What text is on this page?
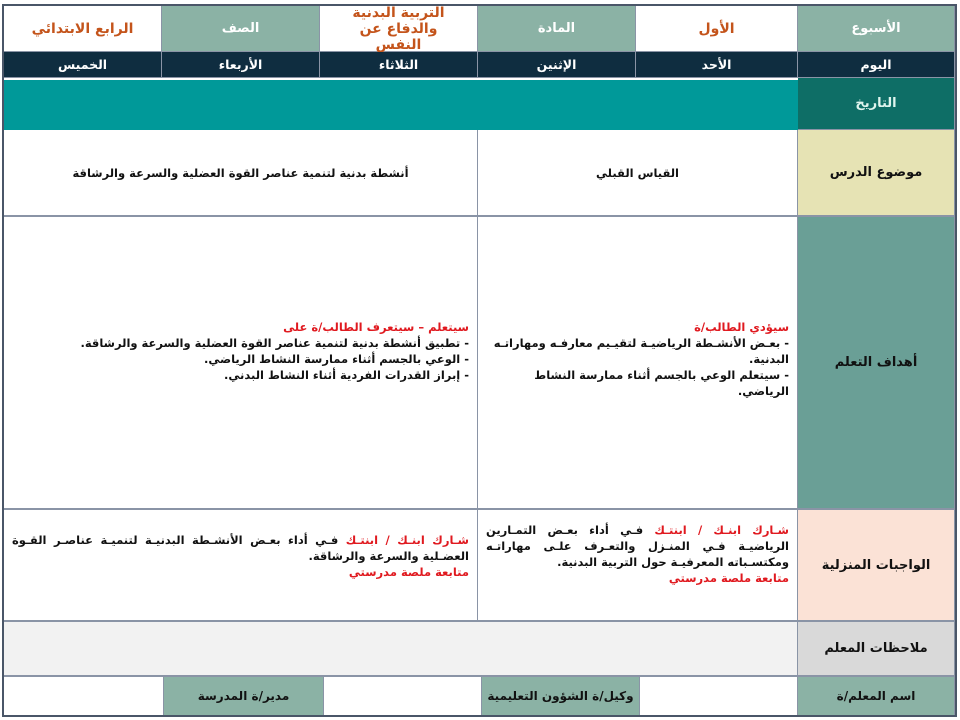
الأسبوع
الأول
المادة
التربية البدنية والدفاع عن النفس
الصف
الرابع الابتدائي
اليوم
الأحد
الإثنين
الثلاثاء
الأربعاء
الخميس
التاريخ
موضوع الدرس
القياس القبلي
أنشطة بدنية لتنمية عناصر القوة العضلية والسرعة والرشاقة
أهداف التعلم
سيؤدي الطالب/ة
- بعـض الأنشـطة الرياضيـة لتقيـيم معارفـه ومهاراتـه البدنية.
- سيتعلم الوعي بالجسم أثناء ممارسة النشاط الرياضي.
سيتعلم – سيتعرف الطالب/ة على
- تطبيق أنشطة بدنية لتنمية عناصر القوة العضلية والسرعة والرشاقة.
- الوعي بالجسم أثناء ممارسة النشاط الرياضي.
- إبراز القدرات الفردية أثناء النشاط البدني.
الواجبات المنزلية
شـارك ابنـك / ابنتـك فـي أداء بعـض التمـارين الرياضيـة فـي المنـزل والتعـرف علـى مهاراتـه ومكتسـباته المعرفيـة حول التربية البدنية.
متابعة ملصة مدرستي
شـارك ابنـك / ابنتـك فـي أداء بعـض الأنشـطة البدنيـة لتنميـة عناصـر القـوة العضـلية والسرعة والرشاقة.
متابعة ملصة مدرستي
ملاحظات المعلم
اسم المعلم/ة
وكيل/ة الشؤون التعليمية
مدير/ة المدرسة
